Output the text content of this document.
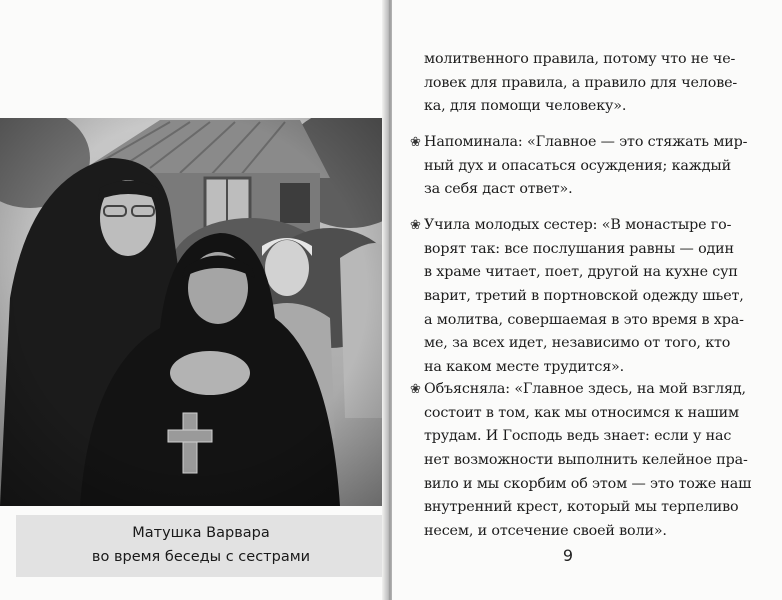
Матушка Варвара
во время беседы с сестрами
молитвенного правила, потому что не че-
ловек для правила, а правило для челове-
ка, для помощи человеку».
❀ Напоминала: «Главное — это стяжать мир-
ный дух и опасаться осуждения; каждый
за себя даст ответ».
❀ Учила молодых сестер: «В монастыре го-
ворят так: все послушания равны — один
в храме читает, поет, другой на кухне суп
варит, третий в портновской одежду шьет,
а молитва, совершаемая в это время в хра-
ме, за всех идет, независимо от того, кто
на каком месте трудится».
❀ Объясняла: «Главное здесь, на мой взгляд,
состоит в том, как мы относимся к нашим
трудам. И Господь ведь знает: если у нас
нет возможности выполнить келейное пра-
вило и мы скорбим об этом — это тоже наш
внутренний крест, который мы терпеливо
несем, и отсечение своей воли».
9
